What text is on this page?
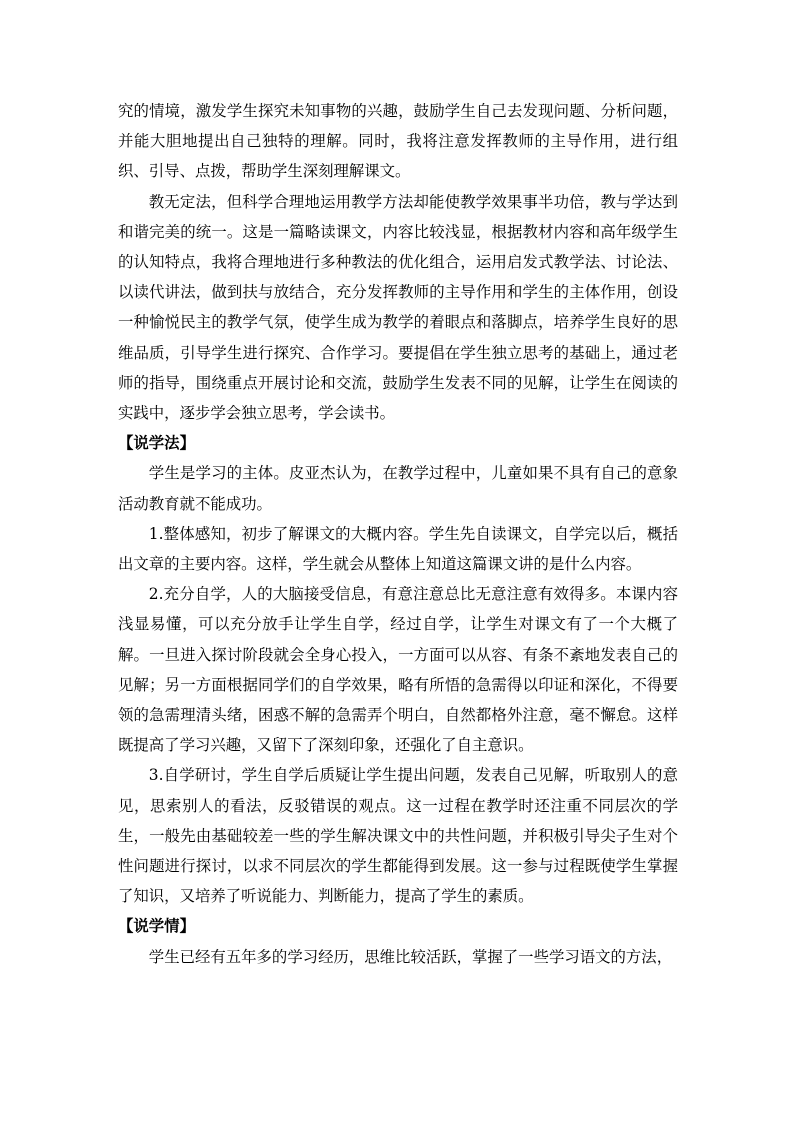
究的情境，激发学生探究未知事物的兴趣，鼓励学生自己去发现问题、分析问题，并能大胆地提出自己独特的理解。同时，我将注意发挥教师的主导作用，进行组织、引导、点拨，帮助学生深刻理解课文。

教无定法，但科学合理地运用教学方法却能使教学效果事半功倍，教与学达到和谐完美的统一。这是一篇略读课文，内容比较浅显，根据教材内容和高年级学生的认知特点，我将合理地进行多种教法的优化组合，运用启发式教学法、讨论法、以读代讲法，做到扶与放结合，充分发挥教师的主导作用和学生的主体作用，创设一种愉悦民主的教学气氛，使学生成为教学的着眼点和落脚点，培养学生良好的思维品质，引导学生进行探究、合作学习。要提倡在学生独立思考的基础上，通过老师的指导，围绕重点开展讨论和交流，鼓励学生发表不同的见解，让学生在阅读的实践中，逐步学会独立思考，学会读书。

【说学法】

学生是学习的主体。皮亚杰认为，在教学过程中，儿童如果不具有自己的意象活动教育就不能成功。

1.整体感知，初步了解课文的大概内容。学生先自读课文，自学完以后，概括出文章的主要内容。这样，学生就会从整体上知道这篇课文讲的是什么内容。

2.充分自学，人的大脑接受信息，有意注意总比无意注意有效得多。本课内容浅显易懂，可以充分放手让学生自学，经过自学，让学生对课文有了一个大概了解。一旦进入探讨阶段就会全身心投入，一方面可以从容、有条不紊地发表自己的见解；另一方面根据同学们的自学效果，略有所悟的急需得以印证和深化，不得要领的急需理清头绪，困惑不解的急需弄个明白，自然都格外注意，毫不懈怠。这样既提高了学习兴趣，又留下了深刻印象，还强化了自主意识。

3.自学研讨，学生自学后质疑让学生提出问题，发表自己见解，听取别人的意见，思索别人的看法，反驳错误的观点。这一过程在教学时还注重不同层次的学生，一般先由基础较差一些的学生解决课文中的共性问题，并积极引导尖子生对个性问题进行探讨，以求不同层次的学生都能得到发展。这一参与过程既使学生掌握了知识，又培养了听说能力、判断能力，提高了学生的素质。

【说学情】

学生已经有五年多的学习经历，思维比较活跃，掌握了一些学习语文的方法，
